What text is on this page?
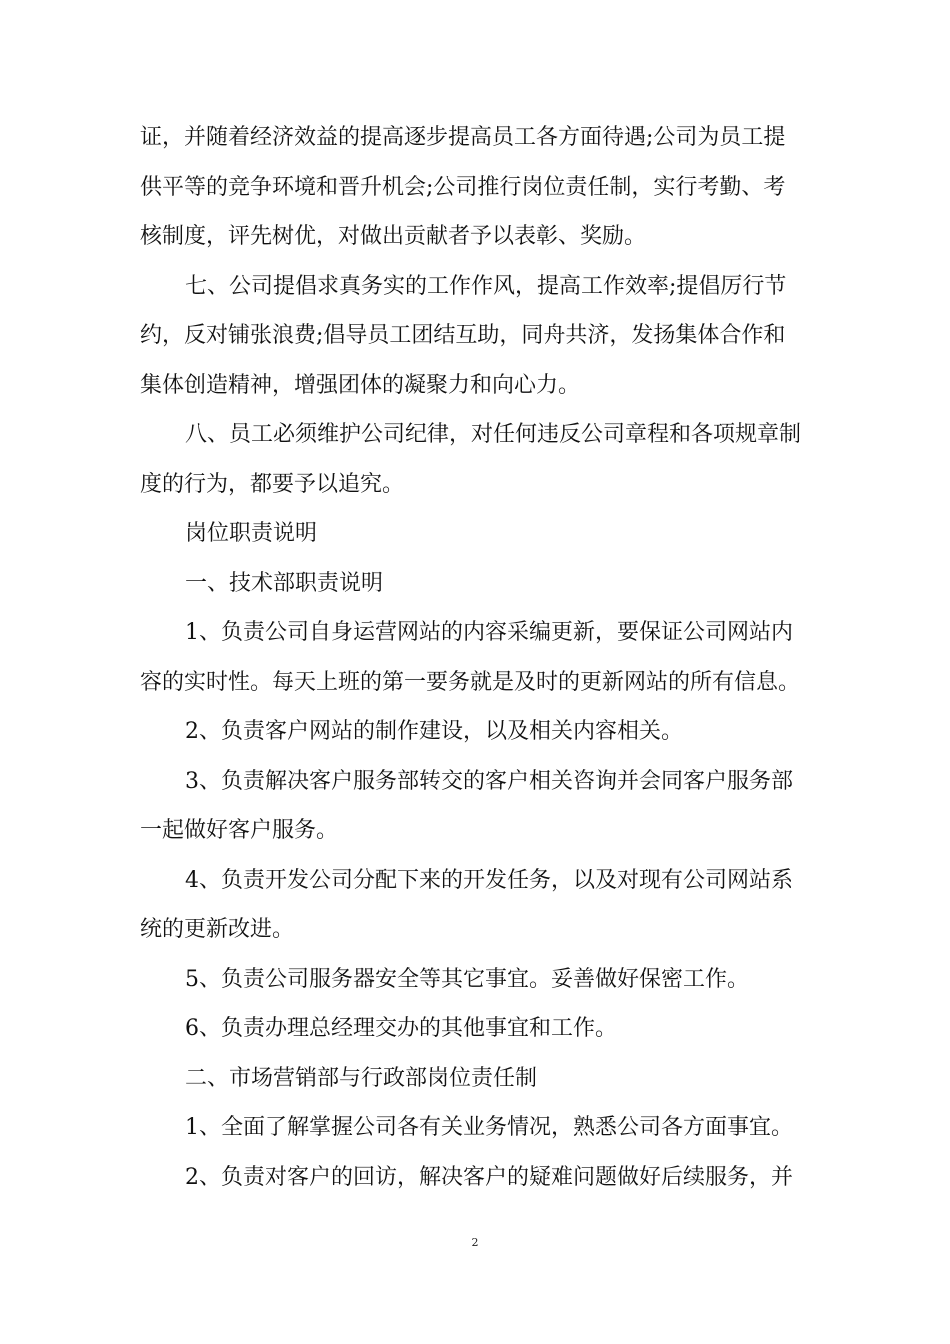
证，并随着经济效益的提高逐步提高员工各方面待遇;公司为员工提
供平等的竞争环境和晋升机会;公司推行岗位责任制，实行考勤、考
核制度，评先树优，对做出贡献者予以表彰、奖励。
七、公司提倡求真务实的工作作风，提高工作效率;提倡厉行节
约，反对铺张浪费;倡导员工团结互助，同舟共济，发扬集体合作和
集体创造精神，增强团体的凝聚力和向心力。
八、员工必须维护公司纪律，对任何违反公司章程和各项规章制
度的行为，都要予以追究。
岗位职责说明
一、技术部职责说明
1、负责公司自身运营网站的内容采编更新，要保证公司网站内
容的实时性。每天上班的第一要务就是及时的更新网站的所有信息。
2、负责客户网站的制作建设，以及相关内容相关。
3、负责解决客户服务部转交的客户相关咨询并会同客户服务部
一起做好客户服务。
4、负责开发公司分配下来的开发任务，以及对现有公司网站系
统的更新改进。
5、负责公司服务器安全等其它事宜。妥善做好保密工作。
6、负责办理总经理交办的其他事宜和工作。
二、市场营销部与行政部岗位责任制
1、全面了解掌握公司各有关业务情况，熟悉公司各方面事宜。
2、负责对客户的回访，解决客户的疑难问题做好后续服务，并
2
